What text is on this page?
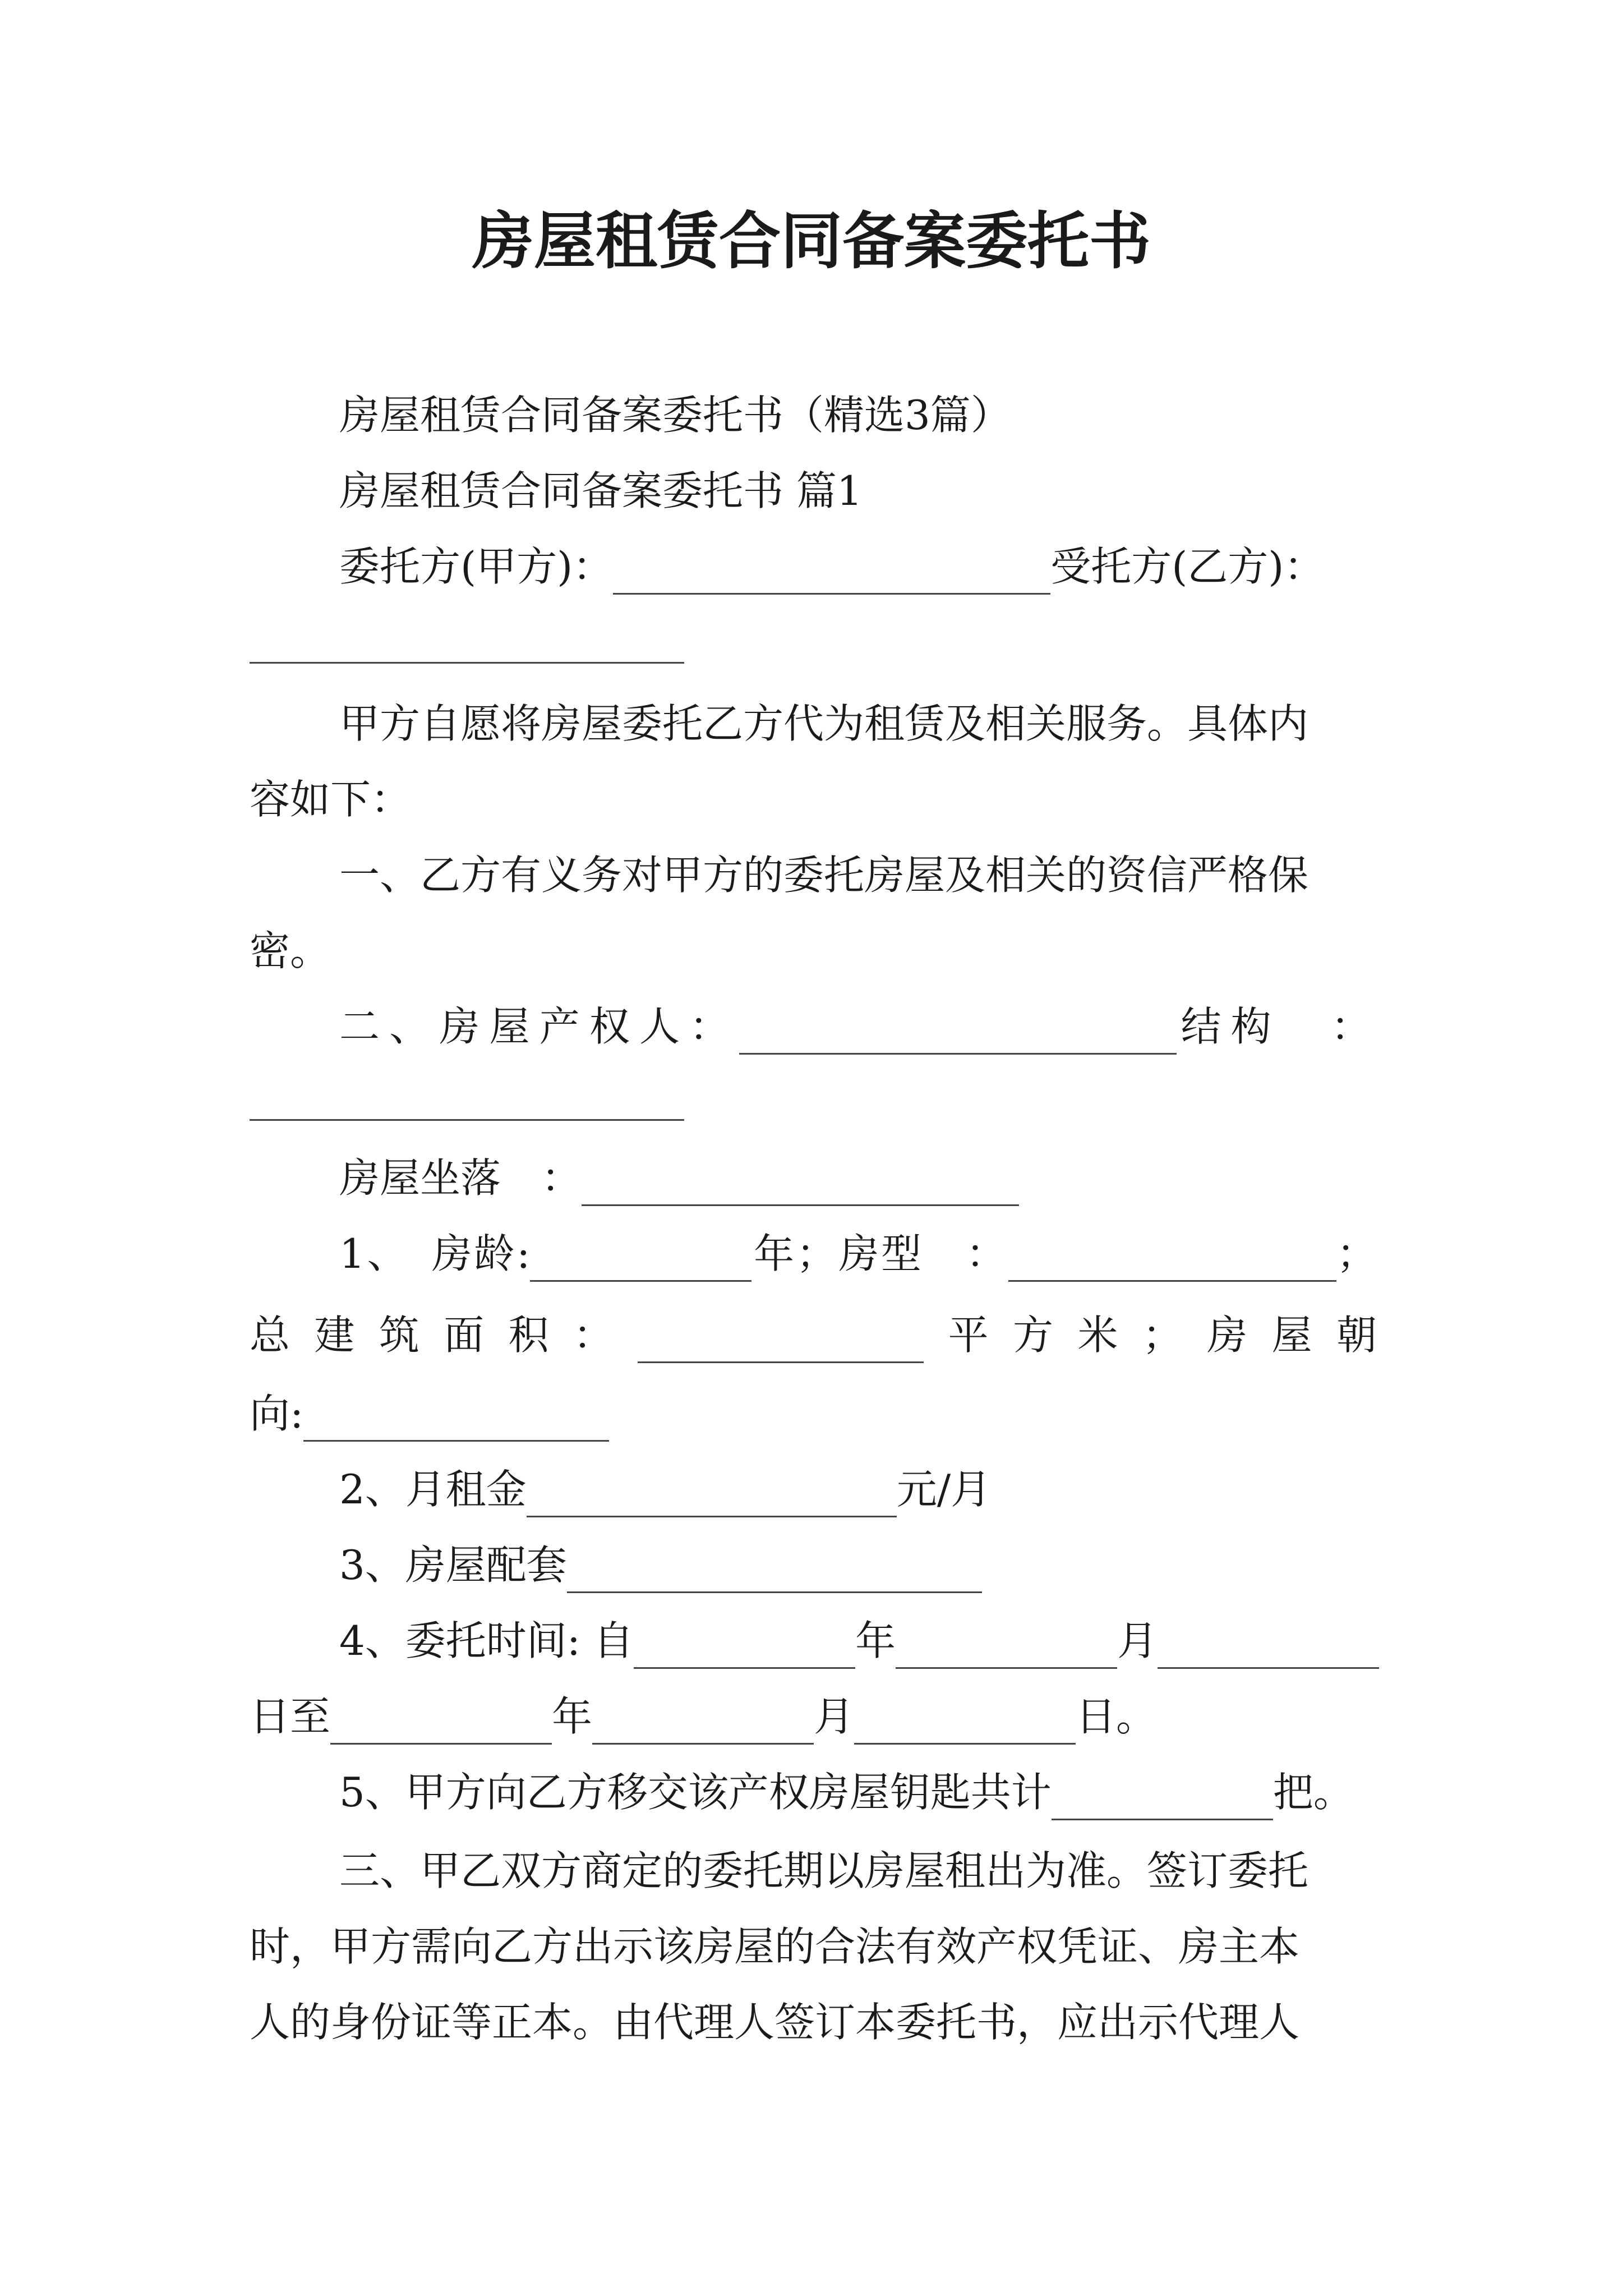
房屋租赁合同备案委托书

房屋租赁合同备案委托书（精选3篇）

房屋租赁合同备案委托书 篇1

委托方(甲方)：	受托方(乙方)：

甲方自愿将房屋委托乙方代为租赁及相关服务。具体内

容如下：

一、乙方有义务对甲方的委托房屋及相关的资信严格保

密。

二、房屋产权人：	结构　：

房屋坐落　：

1、　房龄:	年；房型　：	；

总建筑面积：	平方米；房屋朝

向:

2、月租金	元/月

3、房屋配套

4、委托时间: 自	年	月

日至	年	月	日。

5、甲方向乙方移交该产权房屋钥匙共计	把。

三、甲乙双方商定的委托期以房屋租出为准。签订委托

时，甲方需向乙方出示该房屋的合法有效产权凭证、房主本

人的身份证等正本。由代理人签订本委托书，应出示代理人
